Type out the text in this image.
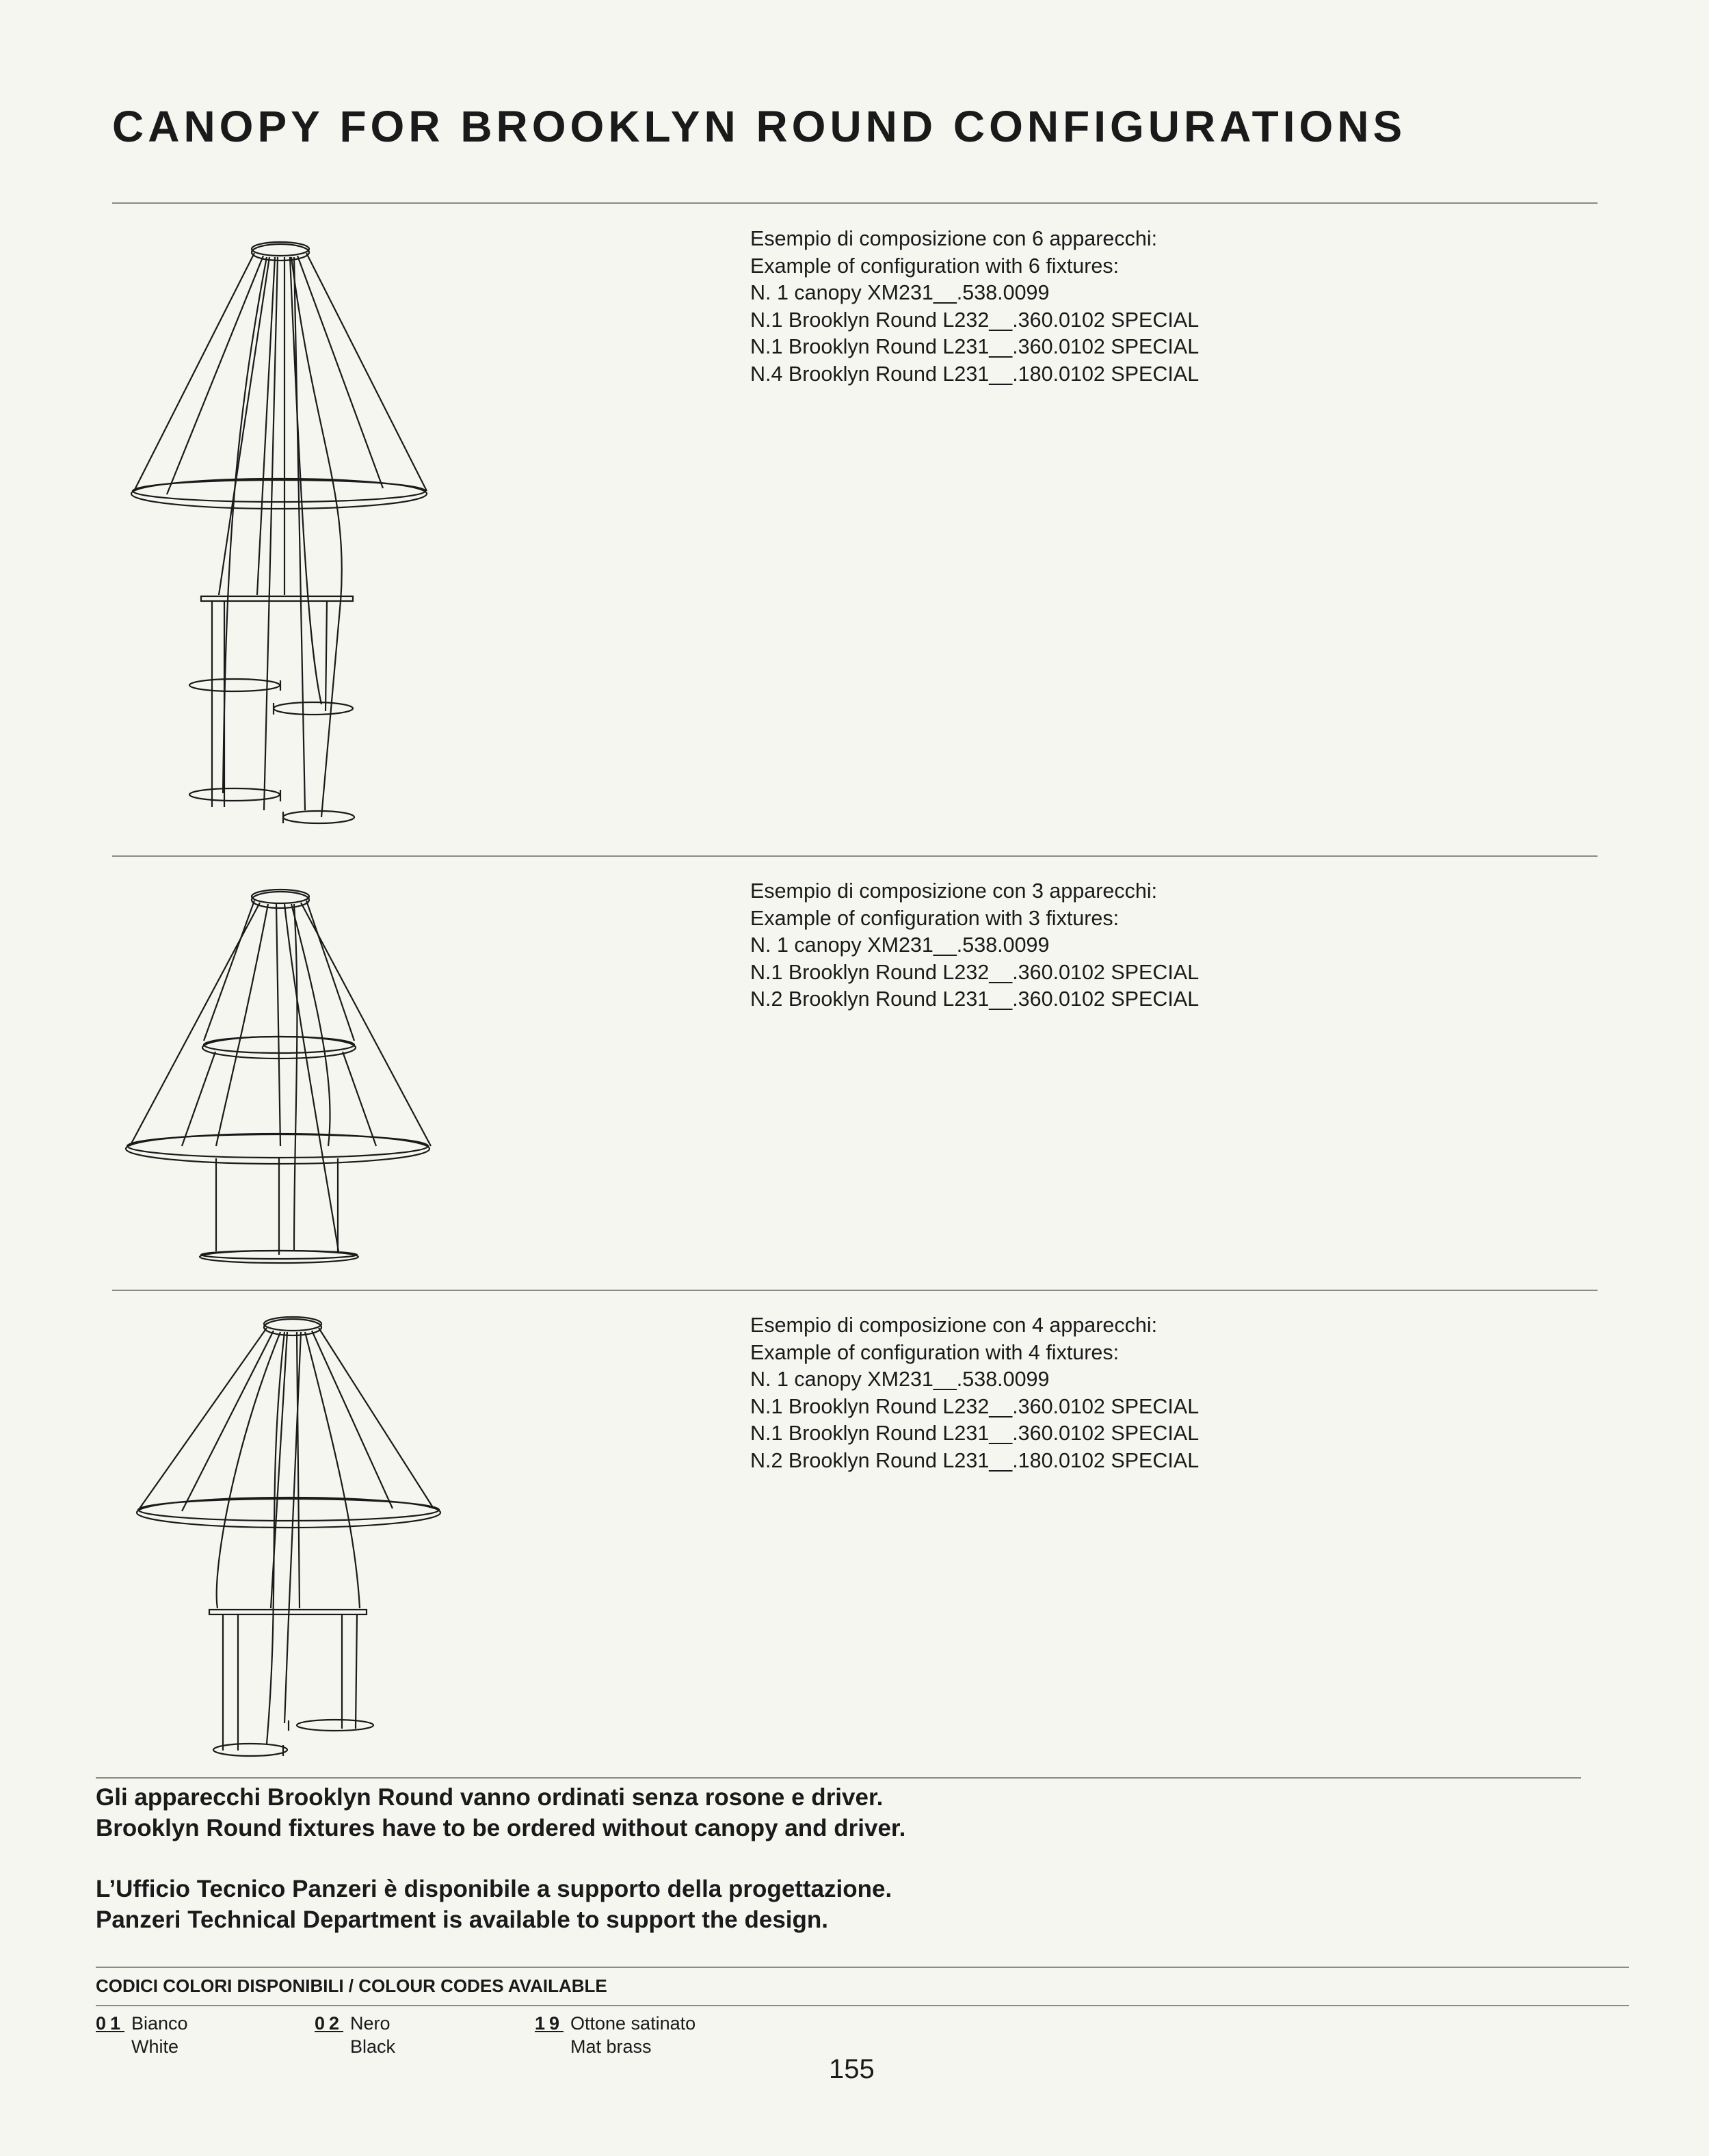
CANOPY FOR BROOKLYN ROUND CONFIGURATIONS
Esempio di composizione con 6 apparecchi:
Example of configuration with 6 fixtures:
N. 1 canopy XM231__.538.0099
N.1 Brooklyn Round L232__.360.0102 SPECIAL
N.1 Brooklyn Round L231__.360.0102 SPECIAL
N.4 Brooklyn Round L231__.180.0102 SPECIAL
Esempio di composizione con 3 apparecchi:
Example of configuration with 3 fixtures:
N. 1 canopy XM231__.538.0099
N.1 Brooklyn Round L232__.360.0102 SPECIAL
N.2 Brooklyn Round L231__.360.0102 SPECIAL
Esempio di composizione con 4 apparecchi:
Example of configuration with 4 fixtures:
N. 1 canopy XM231__.538.0099
N.1 Brooklyn Round L232__.360.0102 SPECIAL
N.1 Brooklyn Round L231__.360.0102 SPECIAL
N.2 Brooklyn Round L231__.180.0102 SPECIAL

Gli apparecchi Brooklyn Round vanno ordinati senza rosone e driver.
Brooklyn Round fixtures have to be ordered without canopy and driver.

L’Ufficio Tecnico Panzeri è disponibile a supporto della progettazione.
Panzeri Technical Department is available to support the design.

CODICI COLORI DISPONIBILI / COLOUR CODES AVAILABLE
01 Bianco
White
02 Nero
Black
19 Ottone satinato
Mat brass
155
